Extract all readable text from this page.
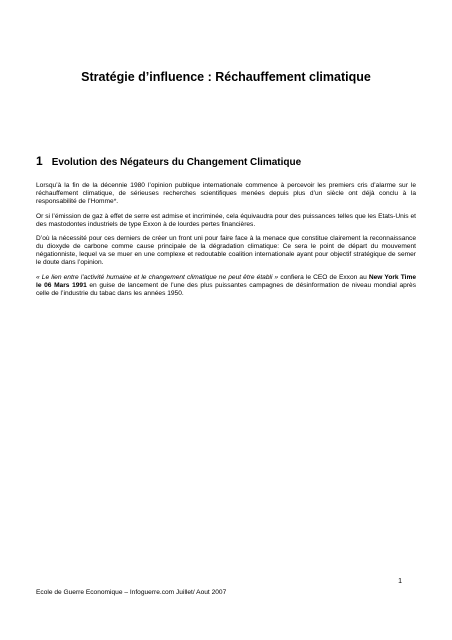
Stratégie d’influence : Réchauffement climatique
1 Evolution des Négateurs du Changement Climatique

Lorsqu’à la fin de la décennie 1980 l’opinion publique internationale commence à percevoir les premiers cris d’alarme sur le réchauffement climatique, de sérieuses recherches scientifiques menées depuis plus d’un siècle ont déjà conclu à la responsabilité de l’Homme*.

Or si l’émission de gaz à effet de serre est admise et incriminée, cela équivaudra pour des puissances telles que les Etats-Unis et des mastodontes industriels de type Exxon à de lourdes pertes financières.

D’où la nécessité pour ces derniers de créer un front uni pour faire face à la menace que constitue clairement la reconnaissance du dioxyde de carbone comme cause principale de la dégradation climatique: Ce sera le point de départ du mouvement négationniste, lequel va se muer en une complexe et redoutable coalition internationale ayant pour objectif stratégique de semer le doute dans l’opinion.

« Le lien entre l’activité humaine et le changement climatique ne peut être établi » confiera le CEO de Exxon au New York Time le 06 Mars 1991 en guise de lancement de l’une des plus puissantes campagnes de désinformation de niveau mondial après celle de l’industrie du tabac dans les années 1950.

1
Ecole de Guerre Economique – Infoguerre.com Juillet/ Aout 2007
